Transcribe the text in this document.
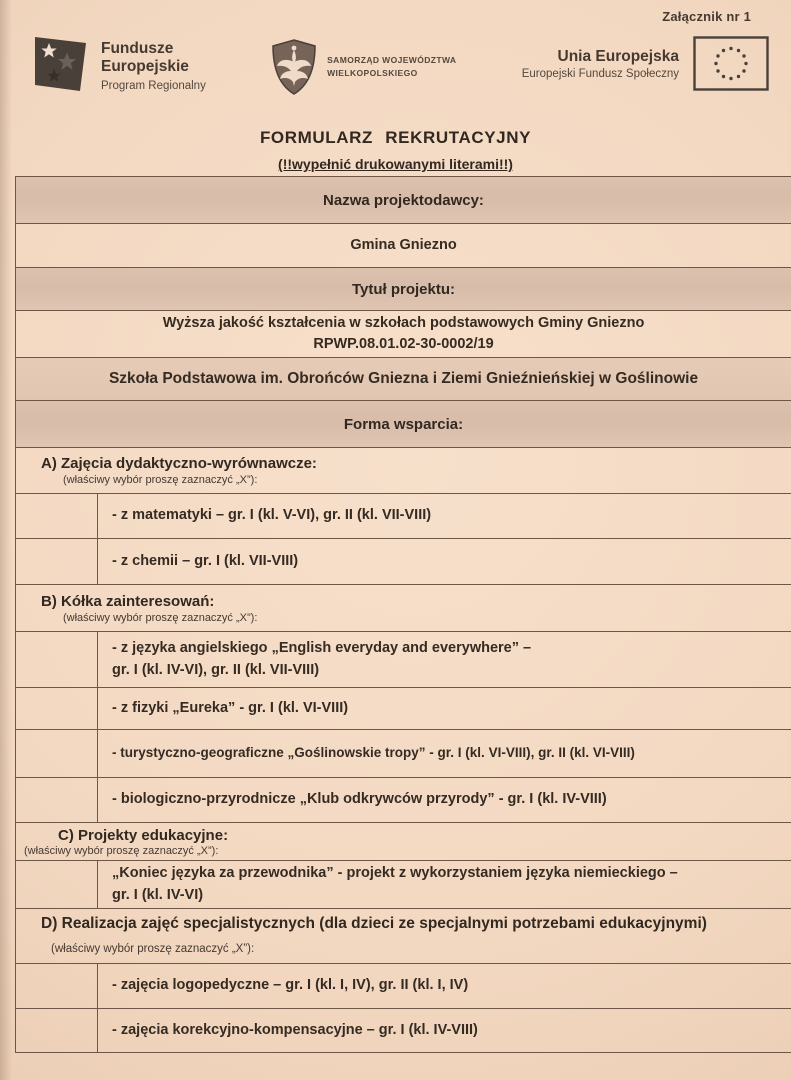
Załącznik nr 1
Fundusze
Europejskie
Program Regionalny
SAMORZĄD WOJEWÓDZTWA
WIELKOPOLSKIEGO
Unia Europejska
Europejski Fundusz Społeczny
FORMULARZ REKRUTACYJNY
(!!wypełnić drukowanymi literami!!)
Nazwa projektodawcy:
Gmina Gniezno
Tytuł projektu:
Wyższa jakość kształcenia w szkołach podstawowych Gminy Gniezno
RPWP.08.01.02-30-0002/19
Szkoła Podstawowa im. Obrońców Gniezna i Ziemi Gnieźnieńskiej w Goślinowie
Forma wsparcia:
A) Zajęcia dydaktyczno-wyrównawcze:
(właściwy wybór proszę zaznaczyć „X”):
- z matematyki – gr. I (kl. V-VI), gr. II (kl. VII-VIII)
- z chemii – gr. I (kl. VII-VIII)
B) Kółka zainteresowań:
(właściwy wybór proszę zaznaczyć „X”):
- z języka angielskiego „English everyday and everywhere” –
gr. I (kl. IV-VI), gr. II (kl. VII-VIII)
- z fizyki „Eureka” - gr. I (kl. VI-VIII)
- turystyczno-geograficzne „Goślinowskie tropy” - gr. I (kl. VI-VIII), gr. II (kl. VI-VIII)
- biologiczno-przyrodnicze „Klub odkrywców przyrody” - gr. I (kl. IV-VIII)
C) Projekty edukacyjne:
(właściwy wybór proszę zaznaczyć „X”):
„Koniec języka za przewodnika” - projekt z wykorzystaniem języka niemieckiego –
gr. I (kl. IV-VI)
D) Realizacja zajęć specjalistycznych (dla dzieci ze specjalnymi potrzebami edukacyjnymi)(właściwy wybór proszę zaznaczyć „X”):
- zajęcia logopedyczne – gr. I (kl. I, IV), gr. II (kl. I, IV)
- zajęcia korekcyjno-kompensacyjne – gr. I (kl. IV-VIII)
